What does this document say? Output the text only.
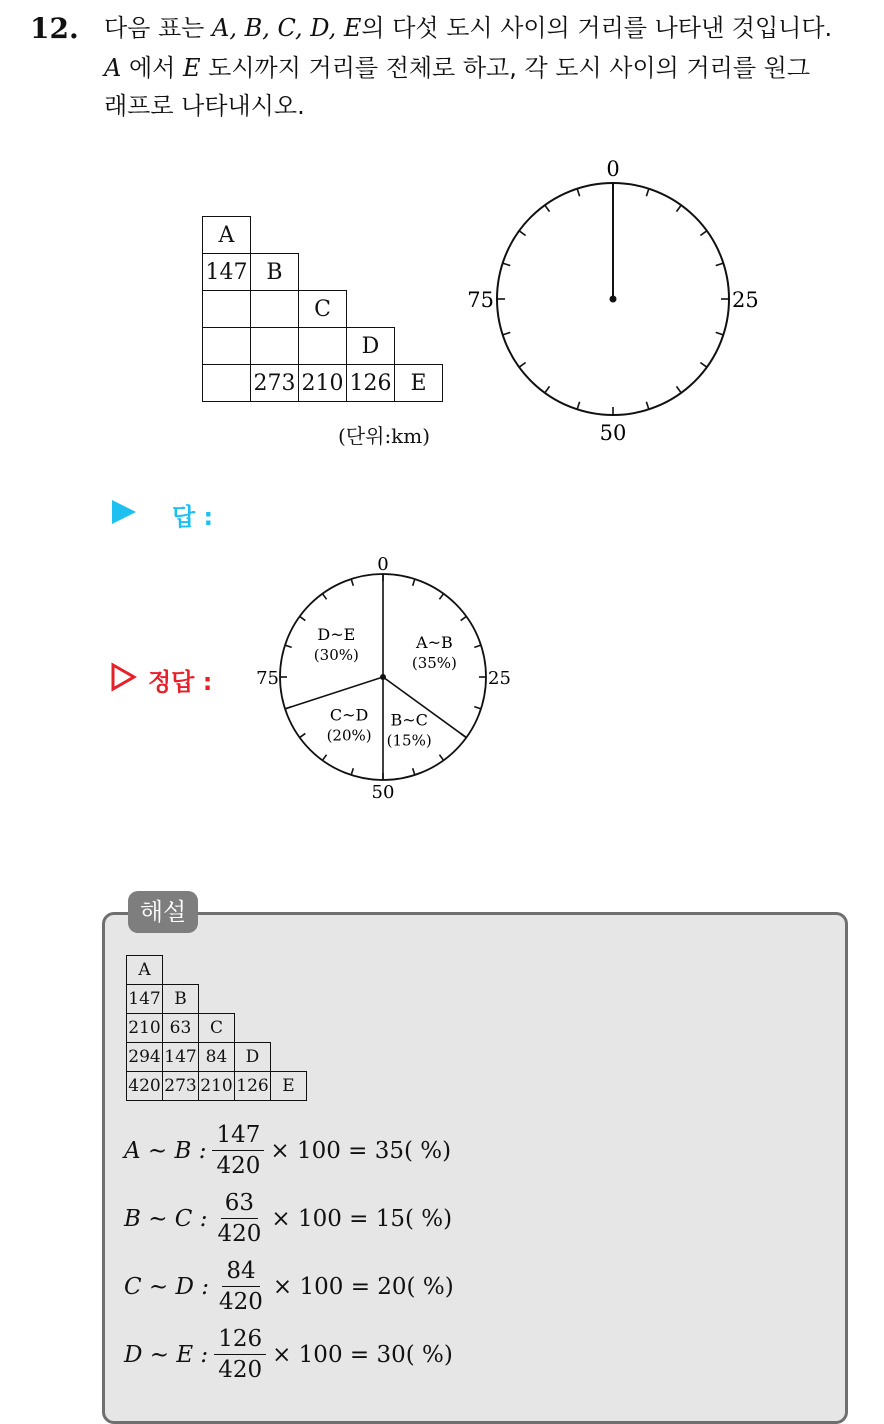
12. 다음 표는 A, B, C, D, E의 다섯 도시 사이의 거리를 나타낸 것입니다.
A 에서 E 도시까지 거리를 전체로 하고, 각 도시 사이의 거리를 원그
래프로 나타내시오.
A				
147	B			
		C		
			D	
	273	210	126	E
(단위:km)
0
25
50
75
답 :
정답 :
A~B
(35%)
B~C
(15%)
C~D
(20%)
D~E
(30%)
0
25
50
75
해설
A				
147	B			
210	63	C		
294	147	84	D	
420	273	210	126	E
A ∼ B : $\frac{147}{420} \times 100 = 35$( %)
B ∼ C : $\frac{63}{420} \times 100 = 15$( %)
C ∼ D : $\frac{84}{420} \times 100 = 20$( %)
D ∼ E : $\frac{126}{420} \times 100 = 30$( %)
